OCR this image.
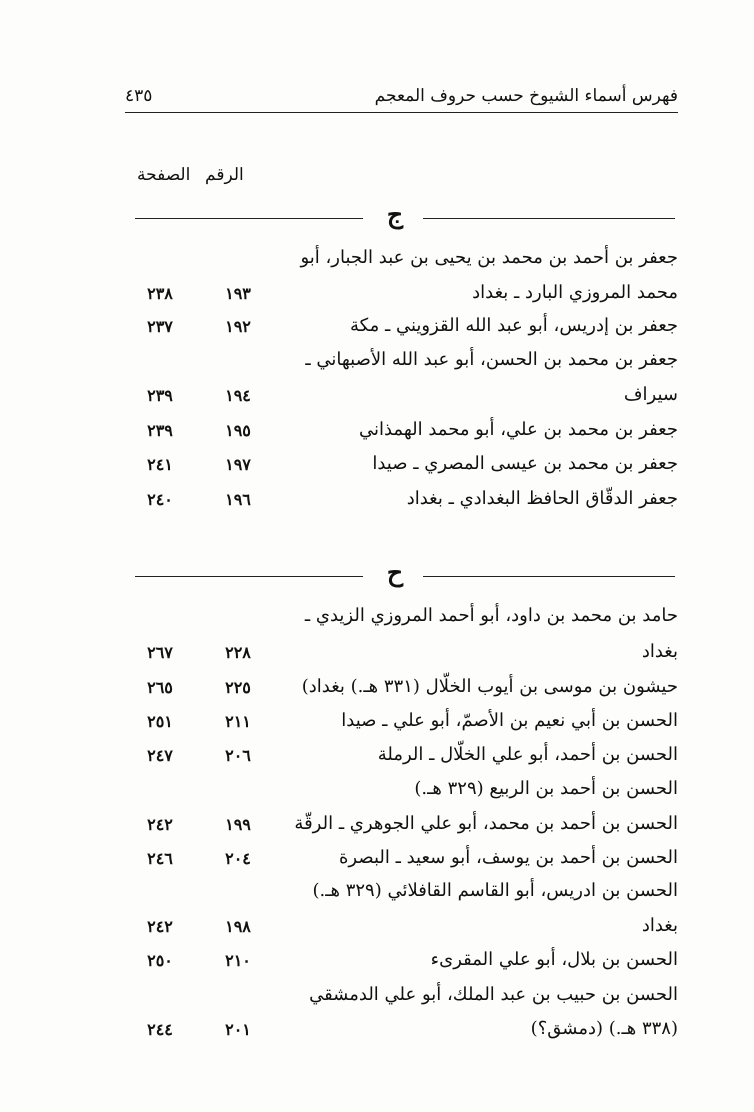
فهرس أسماء الشيوخ حسب حروف المعجم
٤٣٥
الرقم
الصفحة
ج
جعفر بن أحمد بن محمد بن يحيى بن عبد الجبار، أبو
محمد المروزي البارد ـ بغداد
١٩٣
٢٣٨
جعفر بن إدريس، أبو عبد الله القزويني ـ مكة
١٩٢
٢٣٧
جعفر بن محمد بن الحسن، أبو عبد الله الأصبهاني ـ
سيراف
١٩٤
٢٣٩
جعفر بن محمد بن علي، أبو محمد الهمذاني
١٩٥
٢٣٩
جعفر بن محمد بن عيسى المصري ـ صيدا
١٩٧
٢٤١
جعفر الدقّاق الحافظ البغدادي ـ بغداد
١٩٦
٢٤٠
ح
حامد بن محمد بن داود، أبو أحمد المروزي الزيدي ـ
بغداد
٢٢٨
٢٦٧
حيشون بن موسى بن أيوب الخلّال (٣٣١ هـ.) بغداد)
٢٢٥
٢٦٥
الحسن بن أبي نعيم بن الأصمّ، أبو علي ـ صيدا
٢١١
٢٥١
الحسن بن أحمد، أبو علي الخلّال ـ الرملة
٢٠٦
٢٤٧
الحسن بن أحمد بن الربيع (٣٢٩ هـ.)
الحسن بن أحمد بن محمد، أبو علي الجوهري ـ الرقّة
١٩٩
٢٤٢
الحسن بن أحمد بن يوسف، أبو سعيد ـ البصرة
٢٠٤
٢٤٦
الحسن بن ادريس، أبو القاسم القافلائي (٣٢٩ هـ.)
بغداد
١٩٨
٢٤٢
الحسن بن بلال، أبو علي المقرىء
٢١٠
٢٥٠
الحسن بن حبيب بن عبد الملك، أبو علي الدمشقي
(٣٣٨ هـ.) (دمشق؟)
٢٠١
٢٤٤
